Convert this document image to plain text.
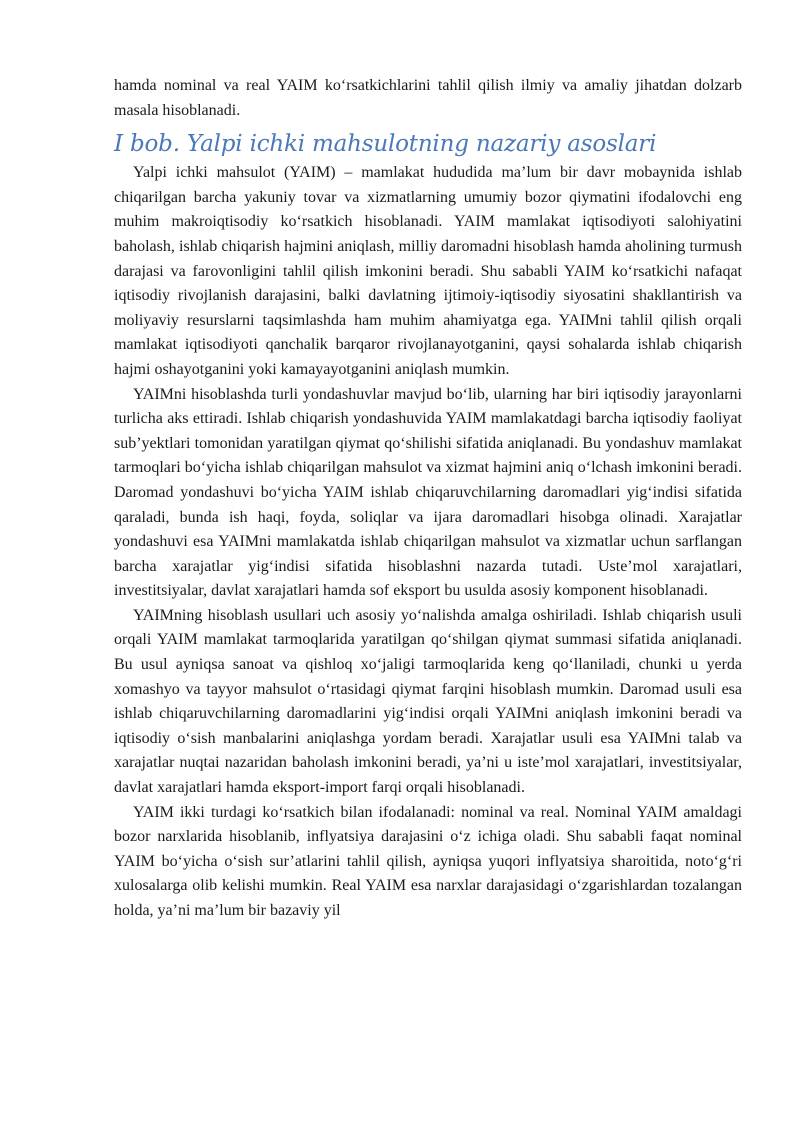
hamda nominal va real YAIM ko‘rsatkichlarini tahlil qilish ilmiy va amaliy jihatdan dolzarb masala hisoblanadi.

I bob. Yalpi ichki mahsulotning nazariy asoslari

Yalpi ichki mahsulot (YAIM) – mamlakat hududida ma’lum bir davr mobaynida ishlab chiqarilgan barcha yakuniy tovar va xizmatlarning umumiy bozor qiymatini ifodalovchi eng muhim makroiqtisodiy ko‘rsatkich hisoblanadi. YAIM mamlakat iqtisodiyoti salohiyatini baholash, ishlab chiqarish hajmini aniqlash, milliy daromadni hisoblash hamda aholining turmush darajasi va farovonligini tahlil qilish imkonini beradi. Shu sababli YAIM ko‘rsatkichi nafaqat iqtisodiy rivojlanish darajasini, balki davlatning ijtimoiy-iqtisodiy siyosatini shakllantirish va moliyaviy resurslarni taqsimlashda ham muhim ahamiyatga ega. YAIMni tahlil qilish orqali mamlakat iqtisodiyoti qanchalik barqaror rivojlanayotganini, qaysi sohalarda ishlab chiqarish hajmi oshayotganini yoki kamayayotganini aniqlash mumkin.

YAIMni hisoblashda turli yondashuvlar mavjud bo‘lib, ularning har biri iqtisodiy jarayonlarni turlicha aks ettiradi. Ishlab chiqarish yondashuvida YAIM mamlakatdagi barcha iqtisodiy faoliyat sub’yektlari tomonidan yaratilgan qiymat qo‘shilishi sifatida aniqlanadi. Bu yondashuv mamlakat tarmoqlari bo‘yicha ishlab chiqarilgan mahsulot va xizmat hajmini aniq o‘lchash imkonini beradi. Daromad yondashuvi bo‘yicha YAIM ishlab chiqaruvchilarning daromadlari yig‘indisi sifatida qaraladi, bunda ish haqi, foyda, soliqlar va ijara daromadlari hisobga olinadi. Xarajatlar yondashuvi esa YAIMni mamlakatda ishlab chiqarilgan mahsulot va xizmatlar uchun sarflangan barcha xarajatlar yig‘indisi sifatida hisoblashni nazarda tutadi. Uste’mol xarajatlari, investitsiyalar, davlat xarajatlari hamda sof eksport bu usulda asosiy komponent hisoblanadi.

YAIMning hisoblash usullari uch asosiy yo‘nalishda amalga oshiriladi. Ishlab chiqarish usuli orqali YAIM mamlakat tarmoqlarida yaratilgan qo‘shilgan qiymat summasi sifatida aniqlanadi. Bu usul ayniqsa sanoat va qishloq xo‘jaligi tarmoqlarida keng qo‘llaniladi, chunki u yerda xomashyo va tayyor mahsulot o‘rtasidagi qiymat farqini hisoblash mumkin. Daromad usuli esa ishlab chiqaruvchilarning daromadlarini yig‘indisi orqali YAIMni aniqlash imkonini beradi va iqtisodiy o‘sish manbalarini aniqlashga yordam beradi. Xarajatlar usuli esa YAIMni talab va xarajatlar nuqtai nazaridan baholash imkonini beradi, ya’ni u iste’mol xarajatlari, investitsiyalar, davlat xarajatlari hamda eksport-import farqi orqali hisoblanadi.

YAIM ikki turdagi ko‘rsatkich bilan ifodalanadi: nominal va real. Nominal YAIM amaldagi bozor narxlarida hisoblanib, inflyatsiya darajasini o‘z ichiga oladi. Shu sababli faqat nominal YAIM bo‘yicha o‘sish sur’atlarini tahlil qilish, ayniqsa yuqori inflyatsiya sharoitida, noto‘g‘ri xulosalarga olib kelishi mumkin. Real YAIM esa narxlar darajasidagi o‘zgarishlardan tozalangan holda, ya’ni ma’lum bir bazaviy yil
